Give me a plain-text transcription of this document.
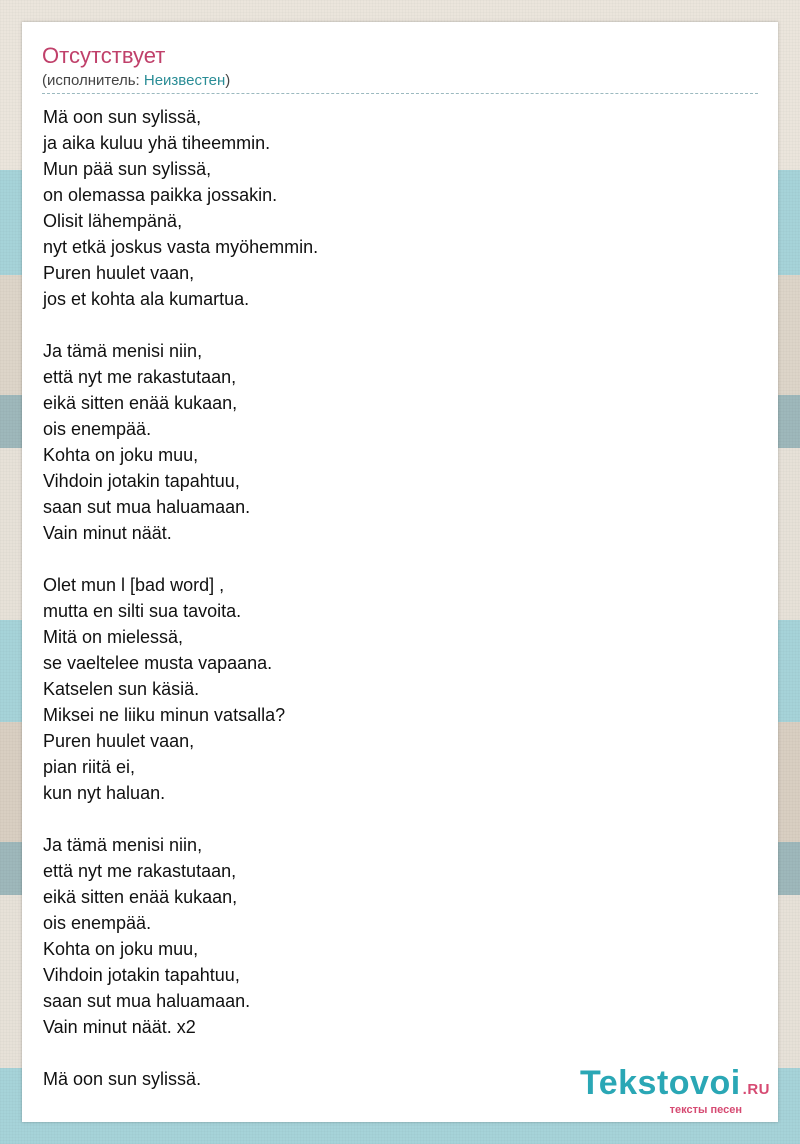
Отсутствует
(исполнитель: Неизвестен)

Mä oon sun sylissä,
ja aika kuluu yhä tiheemmin.
Mun pää sun sylissä,
on olemassa paikka jossakin.
Olisit lähempänä,
nyt etkä joskus vasta myöhemmin.
Puren huulet vaan,
jos et kohta ala kumartua.

Ja tämä menisi niin,
että nyt me rakastutaan,
eikä sitten enää kukaan,
ois enempää.
Kohta on joku muu,
Vihdoin jotakin tapahtuu,
saan sut mua haluamaan.
Vain minut näät.

Olet mun l [bad word] ,
mutta en silti sua tavoita.
Mitä on mielessä,
se vaeltelee musta vapaana.
Katselen sun käsiä.
Miksei ne liiku minun vatsalla?
Puren huulet vaan,
pian riitä ei,
kun nyt haluan.

Ja tämä menisi niin,
että nyt me rakastutaan,
eikä sitten enää kukaan,
ois enempää.
Kohta on joku muu,
Vihdoin jotakin tapahtuu,
saan sut mua haluamaan.
Vain minut näät. x2

Mä oon sun sylissä.	Tekstovoi .RU
тексты песен
